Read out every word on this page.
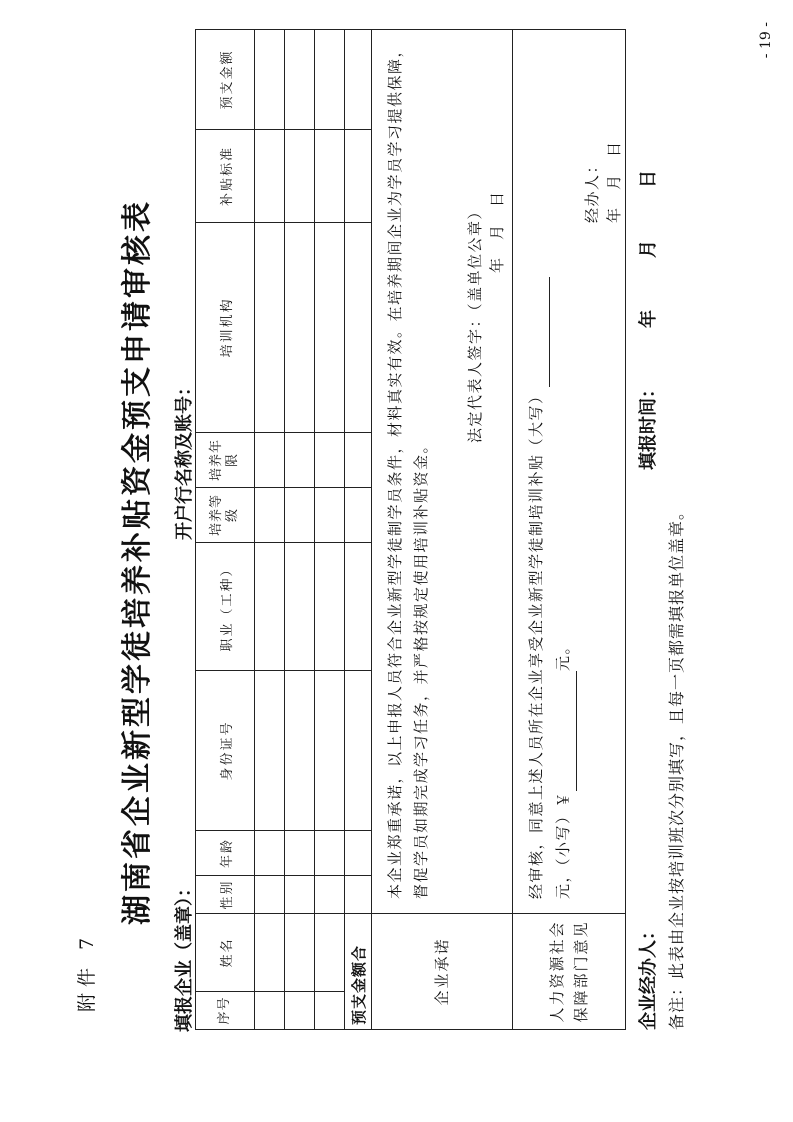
附件 7
湖南省企业新型学徒培养补贴资金预支申请审核表
填报企业（盖章）：
开户行名称及账号：
序号	姓名	性别	年龄	身份证号	职业（工种）	培养等级	培养年限	培训机构	补贴标准	预支金额

预支金额合										
企业承诺		本企业郑重承诺，以上申报人员符合企业新型学徒制学员条件，材料真实有效。在培养期间企业为学员学习提供保障，督促学员如期完成学习任务，并严格按规定使用培训补贴资金。
法定代表人签字：（盖单位公章） 年　月　日								

人力资源社会保障部门意见		经审核，同意上述人员所在企业享受企业新型学徒制培训补贴（大写） 元，（小写）￥ 元。
经办人： 年　月　日								
企业经办人：
填报时间：年月日
备注：此表由企业按培训班次分别填写，且每一页都需填报单位盖章。
- 19 -
